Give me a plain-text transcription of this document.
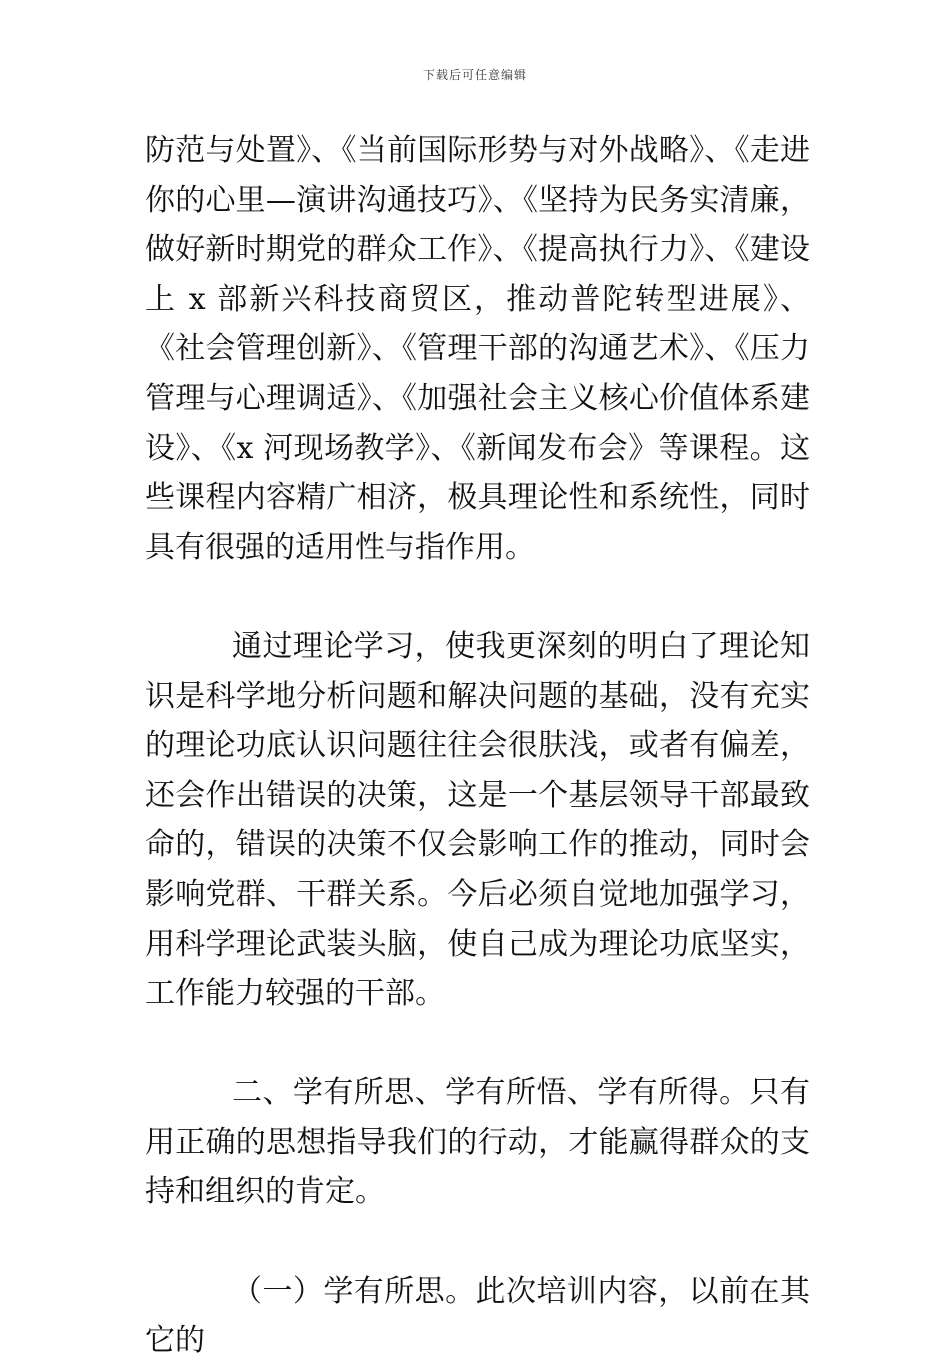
下载后可任意编辑

防范与处置》、《当前国际形势与对外战略》、《走进你的心里—演讲沟通技巧》、《坚持为民务实清廉，做好新时期党的群众工作》、《提高执行力》、《建设上 x 部新兴科技商贸区，推动普陀转型进展》、《社会管理创新》、《管理干部的沟通艺术》、《压力管理与心理调适》、《加强社会主义核心价值体系建设》、《x 河现场教学》、《新闻发布会》等课程。这些课程内容精广相济，极具理论性和系统性，同时具有很强的适用性与指作用。

通过理论学习，使我更深刻的明白了理论知识是科学地分析问题和解决问题的基础，没有充实的理论功底认识问题往往会很肤浅，或者有偏差，还会作出错误的决策，这是一个基层领导干部最致命的，错误的决策不仅会影响工作的推动，同时会影响党群、干群关系。今后必须自觉地加强学习，用科学理论武装头脑，使自己成为理论功底坚实，工作能力较强的干部。

二、学有所思、学有所悟、学有所得。只有用正确的思想指导我们的行动，才能赢得群众的支持和组织的肯定。

（一）学有所思。此次培训内容，以前在其它的
